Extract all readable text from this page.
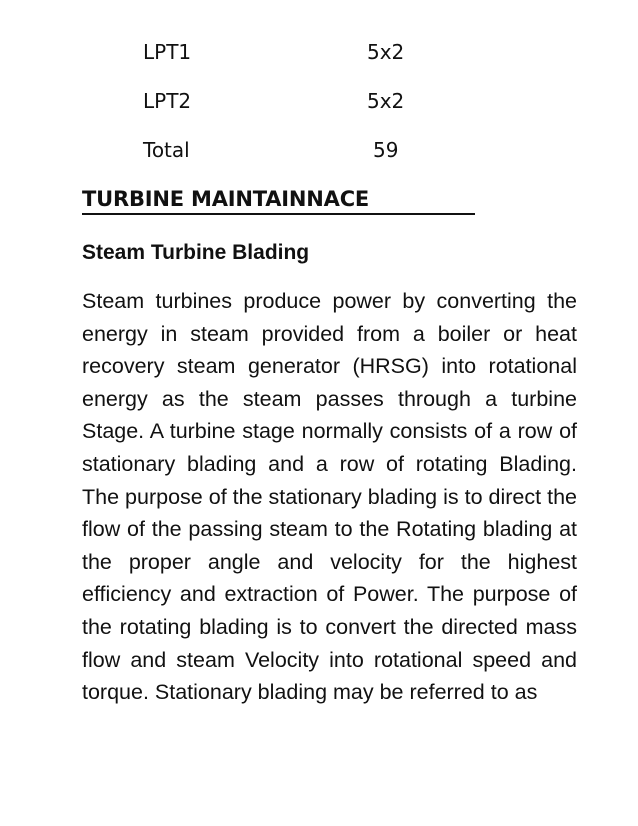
LPT1	5x2
LPT2	5x2
Total	59
TURBINE MAINTAINNACE
Steam Turbine Blading

Steam turbines produce power by converting the energy in steam provided from a boiler or heat recovery steam generator (HRSG) into rotational energy as the steam passes through a turbine Stage. A turbine stage normally consists of a row of stationary blading and a row of rotating Blading. The purpose of the stationary blading is to direct the flow of the passing steam to the Rotating blading at the proper angle and velocity for the highest efficiency and extraction of Power. The purpose of the rotating blading is to convert the directed mass flow and steam Velocity into rotational speed and torque. Stationary blading may be referred to as
